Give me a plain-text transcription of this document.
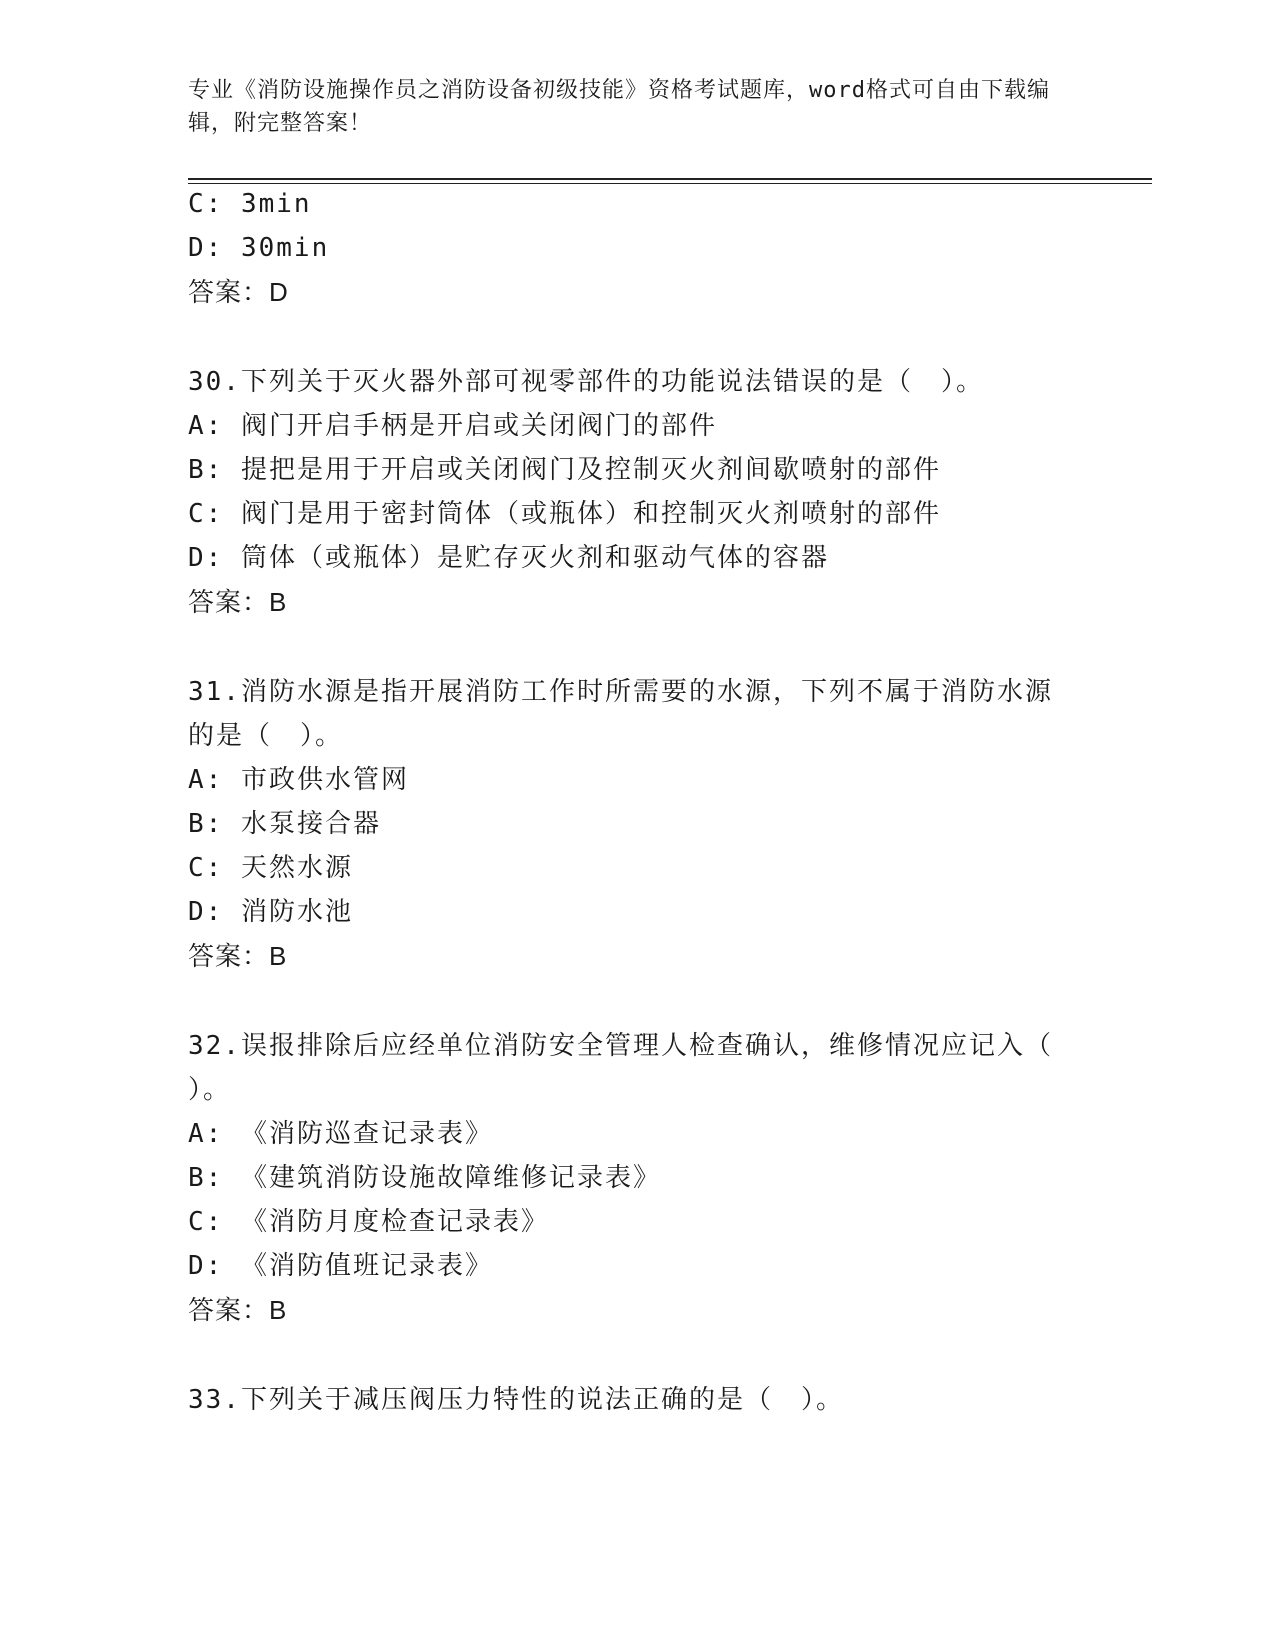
专业《消防设施操作员之消防设备初级技能》资格考试题库，word格式可自由下载编辑，附完整答案！
C: 3min
D: 30min
答案：D
30.下列关于灭火器外部可视零部件的功能说法错误的是（　）。
A: 阀门开启手柄是开启或关闭阀门的部件
B: 提把是用于开启或关闭阀门及控制灭火剂间歇喷射的部件
C: 阀门是用于密封筒体（或瓶体）和控制灭火剂喷射的部件
D: 筒体（或瓶体）是贮存灭火剂和驱动气体的容器
答案：B
31.消防水源是指开展消防工作时所需要的水源，下列不属于消防水源
的是（　）。
A: 市政供水管网
B: 水泵接合器
C: 天然水源
D: 消防水池
答案：B
32.误报排除后应经单位消防安全管理人检查确认，维修情况应记入（
）。
A: 《消防巡查记录表》
B: 《建筑消防设施故障维修记录表》
C: 《消防月度检查记录表》
D: 《消防值班记录表》
答案：B
33.下列关于减压阀压力特性的说法正确的是（　）。
